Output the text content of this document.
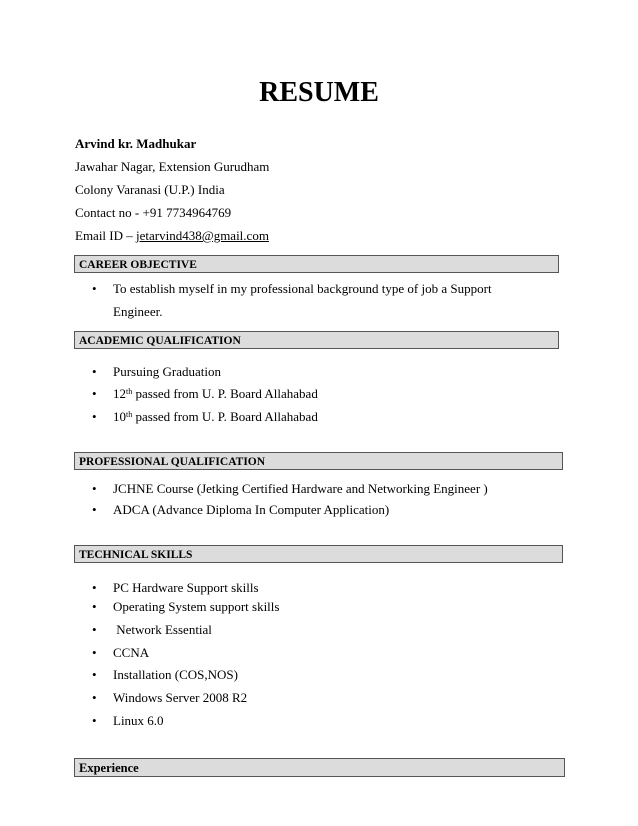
RESUME
Arvind kr. Madhukar
Jawahar Nagar, Extension Gurudham
Colony Varanasi (U.P.) India
Contact no - +91 7734964769
Email ID – jetarvind438@gmail.com
CAREER OBJECTIVE
• To establish myself in my professional background type of job a Support
Engineer.
ACADEMIC QUALIFICATION
• Pursuing Graduation
• 12th passed from U. P. Board Allahabad
• 10th passed from U. P. Board Allahabad
PROFESSIONAL QUALIFICATION
• JCHNE Course (Jetking Certified Hardware and Networking Engineer )
• ADCA (Advance Diploma In Computer Application)
TECHNICAL SKILLS
• PC Hardware Support skills
• Operating System support skills
• Network Essential
• CCNA
• Installation (COS,NOS)
• Windows Server 2008 R2
• Linux 6.0
Experience
